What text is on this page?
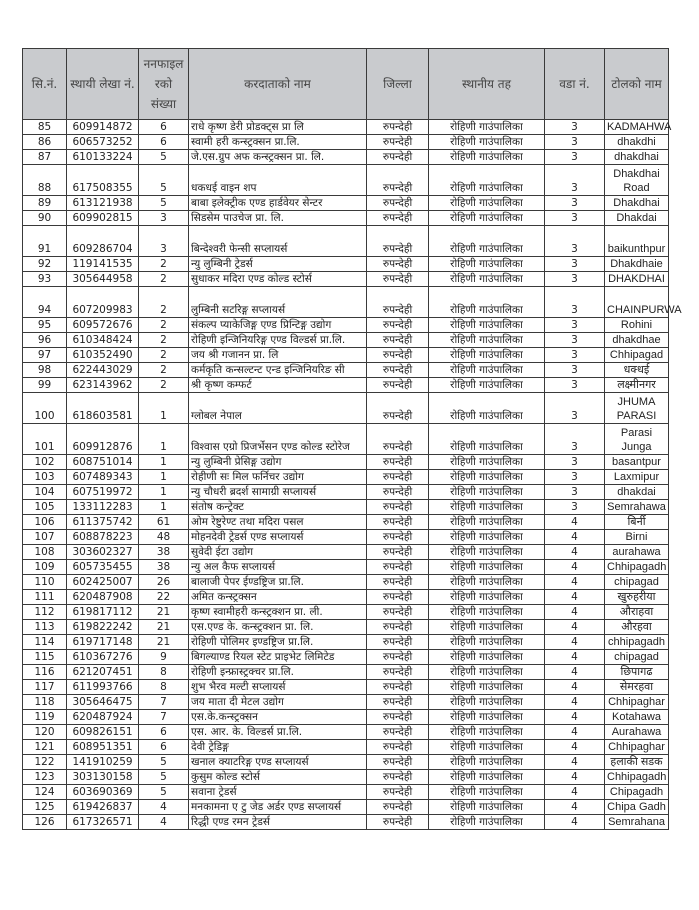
सि.नं.	स्थायी लेखा नं.	ननफाइल रको संख्या	करदाताको नाम	जिल्ला	स्थानीय तह	वडा नं.	टोलको नाम
85	609914872	6	राधे कृष्ण डेरी प्रोडक्ट्स प्रा लि	रुपन्देही	रोहिणी गाउंपालिका	3	KADMAHWA
86	606573252	6	स्वामी हरी कन्स्ट्रक्सन प्रा.लि.	रुपन्देही	रोहिणी गाउंपालिका	3	dhakdhi
87	610133224	5	जे.एस.ग्रुप अफ कन्स्ट्रक्सन प्रा. लि.	रुपन्देही	रोहिणी गाउंपालिका	3	dhakdhai
88	617508355	5	धकधई वाइन शप	रुपन्देही	रोहिणी गाउंपालिका	3	Dhakdhai Road
89	613121938	5	बाबा इलेक्ट्रीक एण्ड हार्डवेयर सेन्टर	रुपन्देही	रोहिणी गाउंपालिका	3	Dhakdhai
90	609902815	3	सिडसेम पाउचेज प्रा. लि.	रुपन्देही	रोहिणी गाउंपालिका	3	Dhakdai
91	609286704	3	बिन्देश्वरी फेन्सी सप्लायर्स	रुपन्देही	रोहिणी गाउंपालिका	3	baikunthpur
92	119141535	2	न्यु लुम्बिनी ट्रेडर्स	रुपन्देही	रोहिणी गाउंपालिका	3	Dhakdhaie
93	305644958	2	सुधाकर मदिरा एण्ड कोल्ड स्टोर्स	रुपन्देही	रोहिणी गाउंपालिका	3	DHAKDHAI
94	607209983	2	लुम्बिनी सटरिङ्ग सप्लायर्स	रुपन्देही	रोहिणी गाउंपालिका	3	CHAINPURWA
95	609572676	2	संकल्प प्याकेजिङ्ग एण्ड प्रिन्टिङ्ग उद्योग	रुपन्देही	रोहिणी गाउंपालिका	3	Rohini
96	610348424	2	रोहिणी इन्जिनियरिङ्ग एण्ड विल्डर्स प्रा.लि.	रुपन्देही	रोहिणी गाउंपालिका	3	dhakdhae
97	610352490	2	जय श्री गजानन प्रा. लि	रुपन्देही	रोहिणी गाउंपालिका	3	Chhipagad
98	622443029	2	कर्मकृति कन्सल्टन्ट एन्ड इन्जिनियरिङ सी	रुपन्देही	रोहिणी गाउंपालिका	3	धक्धई
99	623143962	2	श्री कृष्ण कम्फर्ट	रुपन्देही	रोहिणी गाउंपालिका	3	लक्ष्मीनगर
100	618603581	1	ग्लोबल नेपाल	रुपन्देही	रोहिणी गाउंपालिका	3	JHUMA PARASI
101	609912876	1	विश्वास एग्रो प्रिजर्भेसन एण्ड कोल्ड स्टोरेज	रुपन्देही	रोहिणी गाउंपालिका	3	Parasi Junga
102	608751014	1	न्यु लुम्बिनी प्रेसिङ्ग उद्योग	रुपन्देही	रोहिणी गाउंपालिका	3	basantpur
103	607489343	1	रोहीणी सः मिल फर्निचर उद्योग	रुपन्देही	रोहिणी गाउंपालिका	3	Laxmipur
104	607519972	1	न्यु चौधरी ब्रदर्श सामाग्री सप्लायर्स	रुपन्देही	रोहिणी गाउंपालिका	3	dhakdai
105	133112283	1	संतोष कन्ट्रेक्ट	रुपन्देही	रोहिणी गाउंपालिका	3	Semrahawa
106	611375742	61	ओम रेष्टुरेण्ट तथा मदिरा पसल	रुपन्देही	रोहिणी गाउंपालिका	4	बिर्नी
107	608878223	48	मोहनदेवी ट्रेडर्स एण्ड सप्लायर्स	रुपन्देही	रोहिणी गाउंपालिका	4	Birni
108	303602327	38	सुवेदी ईटा उद्योग	रुपन्देही	रोहिणी गाउंपालिका	4	aurahawa
109	605735455	38	न्यु अल कैफ सप्लायर्स	रुपन्देही	रोहिणी गाउंपालिका	4	Chhipagadh
110	602425007	26	बालाजी पेपर ईण्डष्ट्रिज प्रा.लि.	रुपन्देही	रोहिणी गाउंपालिका	4	chipagad
111	620487908	22	अमित कन्स्ट्रक्सन	रुपन्देही	रोहिणी गाउंपालिका	4	खुरुहरीया
112	619817112	21	कृष्ण स्वामीहरी कन्स्ट्रक्शन प्रा. ली.	रुपन्देही	रोहिणी गाउंपालिका	4	औराहवा
113	619822242	21	एस.एण्ड के. कन्स्ट्रक्शन प्रा. लि.	रुपन्देही	रोहिणी गाउंपालिका	4	औरहवा
114	619717148	21	रोहिणी पोलिमर इण्डष्ट्रिज प्रा.लि.	रुपन्देही	रोहिणी गाउंपालिका	4	chhipagadh
115	610367276	9	बिगल्याण्ड रियल स्टेट प्राइभेट लिमिटेड	रुपन्देही	रोहिणी गाउंपालिका	4	chipagad
116	621207451	8	रोहिणी इन्फ्रास्ट्रक्चर प्रा.लि.	रुपन्देही	रोहिणी गाउंपालिका	4	छिपागढ
117	611993766	8	शुभ भैरव मल्टी सप्लायर्स	रुपन्देही	रोहिणी गाउंपालिका	4	सेमरहवा
118	305646475	7	जय माता दी मेटल उद्याेग	रुपन्देही	रोहिणी गाउंपालिका	4	Chhipaghar
119	620487924	7	एस.के.कन्स्ट्रक्सन	रुपन्देही	रोहिणी गाउंपालिका	4	Kotahawa
120	609826151	6	एस. आर. के. विल्डर्स प्रा.लि.	रुपन्देही	रोहिणी गाउंपालिका	4	Aurahawa
121	608951351	6	देवी ट्रेडिङ्ग	रुपन्देही	रोहिणी गाउंपालिका	4	Chhipaghar
122	141910259	5	खनाल क्याटरिङ्ग एण्ड सप्लायर्स	रुपन्देही	रोहिणी गाउंपालिका	4	हलाकी सडक
123	303130158	5	कुसुम कोल्ड स्टोर्स	रुपन्देही	रोहिणी गाउंपालिका	4	Chhipagadh
124	603690369	5	सवाना ट्रेडर्स	रुपन्देही	रोहिणी गाउंपालिका	4	Chipagadh
125	619426837	4	मनकामना ए टु जेड अर्डर एण्ड सप्लायर्स	रुपन्देही	रोहिणी गाउंपालिका	4	Chipa Gadh
126	617326571	4	रिद्धी एण्ड रमन ट्रेडर्स	रुपन्देही	रोहिणी गाउंपालिका	4	Semrahana
